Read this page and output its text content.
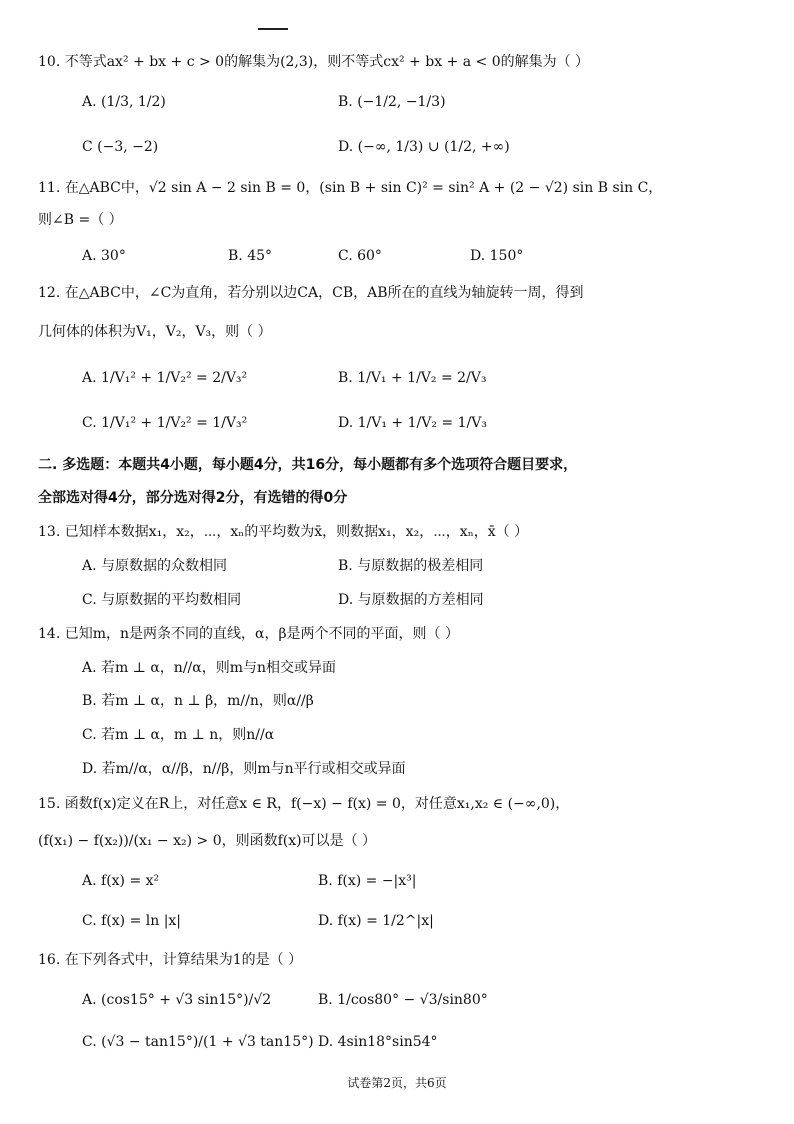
10. 不等式ax² + bx + c > 0的解集为(2,3)，则不等式cx² + bx + a < 0的解集为（ ）
A. (1/3, 1/2)	B. (−1/2, −1/3)
C (−3, −2)	D. (−∞, 1/3) ∪ (1/2, +∞)
11. 在△ABC中，√2 sin A − 2 sin B = 0，(sin B + sin C)² = sin² A + (2 − √2) sin B sin C，
则∠B =（ ）
A. 30°	B. 45°	C. 60°	D. 150°
12. 在△ABC中，∠C为直角，若分别以边CA，CB，AB所在的直线为轴旋转一周，得到
几何体的体积为V₁，V₂，V₃，则（ ）
A. 1/V₁² + 1/V₂² = 2/V₃²	B. 1/V₁ + 1/V₂ = 2/V₃
C. 1/V₁² + 1/V₂² = 1/V₃²	D. 1/V₁ + 1/V₂ = 1/V₃
二. 多选题：本题共4小题，每小题4分，共16分，每小题都有多个选项符合题目要求，
全部选对得4分，部分选对得2分，有选错的得0分
13. 已知样本数据x₁，x₂，⋯，xₙ的平均数为x̄，则数据x₁，x₂，⋯，xₙ，x̄（ ）
A. 与原数据的众数相同	B. 与原数据的极差相同
C. 与原数据的平均数相同	D. 与原数据的方差相同
14. 已知m，n是两条不同的直线，α，β是两个不同的平面，则（ ）
A. 若m ⊥ α，n//α，则m与n相交或异面
B. 若m ⊥ α，n ⊥ β，m//n，则α//β
C. 若m ⊥ α，m ⊥ n，则n//α
D. 若m//α，α//β，n//β，则m与n平行或相交或异面
15. 函数f(x)定义在R上，对任意x ∈ R，f(−x) − f(x) = 0，对任意x₁,x₂ ∈ (−∞,0)，
(f(x₁) − f(x₂))/(x₁ − x₂) > 0，则函数f(x)可以是（ ）
A. f(x) = x²	B. f(x) = −|x³|
C. f(x) = ln |x|	D. f(x) = 1/2^|x|
16. 在下列各式中，计算结果为1的是（ ）
A. (cos15° + √3 sin15°)/√2	B. 1/cos80° − √3/sin80°
C. (√3 − tan15°)/(1 + √3 tan15°) D. 4sin18°sin54°
试卷第2页，共6页
